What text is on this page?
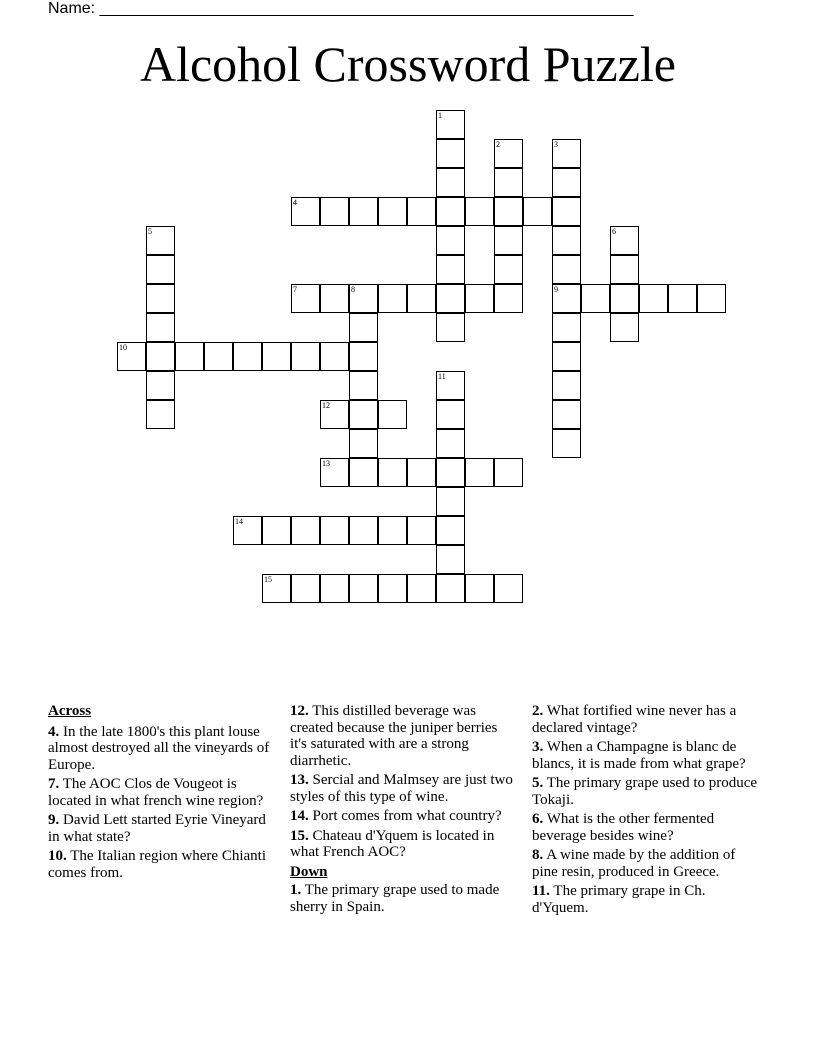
Name: ____________________________________________________________
Alcohol Crossword Puzzle
1
2	3
9
4
5	6
7	8
10
11
12
13
14
15
Across
4. In the late 1800's this plant louse almost destroyed all the vineyards of Europe.
7. The AOC Clos de Vougeot is located in what french wine region?
9. David Lett started Eyrie Vineyard in what state?
10. The Italian region where Chianti comes from.
12. This distilled beverage was created because the juniper berries it's saturated with are a strong diarrhetic.
13. Sercial and Malmsey are just two styles of this type of wine.
14. Port comes from what country?
15. Chateau d'Yquem is located in what French AOC?
Down
1. The primary grape used to made sherry in Spain.
2. What fortified wine never has a declared vintage?
3. When a Champagne is blanc de blancs, it is made from what grape?
5. The primary grape used to produce Tokaji.
6. What is the other fermented beverage besides wine?
8. A wine made by the addition of pine resin, produced in Greece.
11. The primary grape in Ch. d'Yquem.
